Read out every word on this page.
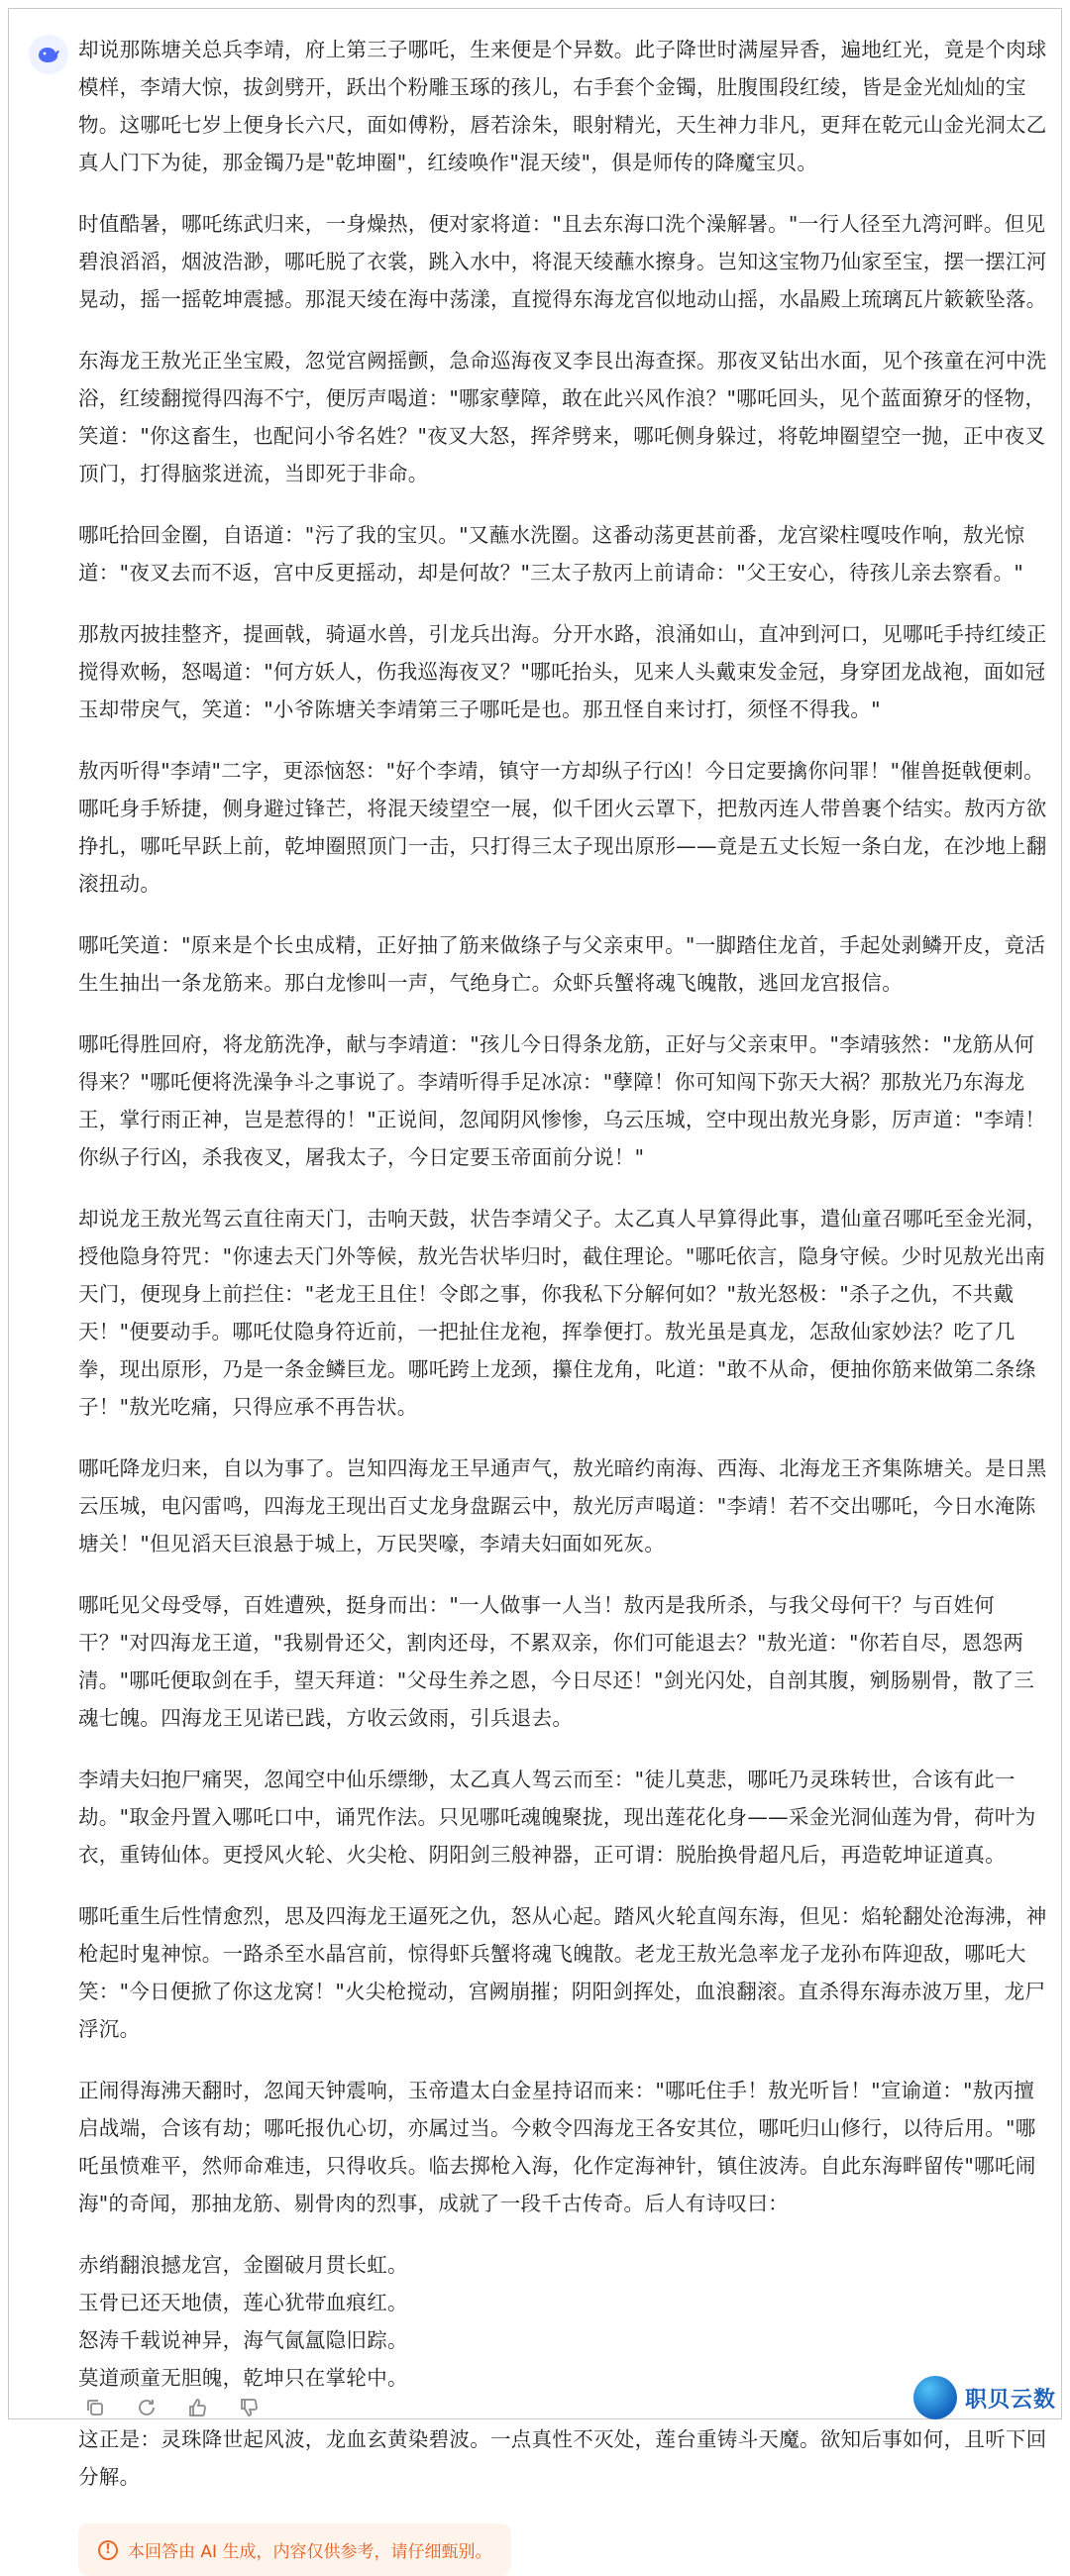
却说那陈塘关总兵李靖，府上第三子哪吒，生来便是个异数。此子降世时满屋异香，遍地红光，竟是个肉球模样，李靖大惊，拔剑劈开，跃出个粉雕玉琢的孩儿，右手套个金镯，肚腹围段红绫，皆是金光灿灿的宝物。这哪吒七岁上便身长六尺，面如傅粉，唇若涂朱，眼射精光，天生神力非凡，更拜在乾元山金光洞太乙真人门下为徒，那金镯乃是"乾坤圈"，红绫唤作"混天绫"，俱是师传的降魔宝贝。

时值酷暑，哪吒练武归来，一身燥热，便对家将道："且去东海口洗个澡解暑。"一行人径至九湾河畔。但见碧浪滔滔，烟波浩渺，哪吒脱了衣裳，跳入水中，将混天绫蘸水擦身。岂知这宝物乃仙家至宝，摆一摆江河晃动，摇一摇乾坤震撼。那混天绫在海中荡漾，直搅得东海龙宫似地动山摇，水晶殿上琉璃瓦片簌簌坠落。

东海龙王敖光正坐宝殿，忽觉宫阙摇颤，急命巡海夜叉李艮出海查探。那夜叉钻出水面，见个孩童在河中洗浴，红绫翻搅得四海不宁，便厉声喝道："哪家孽障，敢在此兴风作浪？"哪吒回头，见个蓝面獠牙的怪物，笑道："你这畜生，也配问小爷名姓？"夜叉大怒，挥斧劈来，哪吒侧身躲过，将乾坤圈望空一抛，正中夜叉顶门，打得脑浆迸流，当即死于非命。

哪吒拾回金圈，自语道："污了我的宝贝。"又蘸水洗圈。这番动荡更甚前番，龙宫梁柱嘎吱作响，敖光惊道："夜叉去而不返，宫中反更摇动，却是何故？"三太子敖丙上前请命："父王安心，待孩儿亲去察看。"

那敖丙披挂整齐，提画戟，骑逼水兽，引龙兵出海。分开水路，浪涌如山，直冲到河口，见哪吒手持红绫正搅得欢畅，怒喝道："何方妖人，伤我巡海夜叉？"哪吒抬头，见来人头戴束发金冠，身穿团龙战袍，面如冠玉却带戾气，笑道："小爷陈塘关李靖第三子哪吒是也。那丑怪自来讨打，须怪不得我。"

敖丙听得"李靖"二字，更添恼怒："好个李靖，镇守一方却纵子行凶！今日定要擒你问罪！"催兽挺戟便刺。哪吒身手矫捷，侧身避过锋芒，将混天绫望空一展，似千团火云罩下，把敖丙连人带兽裹个结实。敖丙方欲挣扎，哪吒早跃上前，乾坤圈照顶门一击，只打得三太子现出原形——竟是五丈长短一条白龙，在沙地上翻滚扭动。

哪吒笑道："原来是个长虫成精，正好抽了筋来做绦子与父亲束甲。"一脚踏住龙首，手起处剥鳞开皮，竟活生生抽出一条龙筋来。那白龙惨叫一声，气绝身亡。众虾兵蟹将魂飞魄散，逃回龙宫报信。

哪吒得胜回府，将龙筋洗净，献与李靖道："孩儿今日得条龙筋，正好与父亲束甲。"李靖骇然："龙筋从何得来？"哪吒便将洗澡争斗之事说了。李靖听得手足冰凉："孽障！你可知闯下弥天大祸？那敖光乃东海龙王，掌行雨正神，岂是惹得的！"正说间，忽闻阴风惨惨，乌云压城，空中现出敖光身影，厉声道："李靖！你纵子行凶，杀我夜叉，屠我太子，今日定要玉帝面前分说！"

却说龙王敖光驾云直往南天门，击响天鼓，状告李靖父子。太乙真人早算得此事，遣仙童召哪吒至金光洞，授他隐身符咒："你速去天门外等候，敖光告状毕归时，截住理论。"哪吒依言，隐身守候。少时见敖光出南天门，便现身上前拦住："老龙王且住！令郎之事，你我私下分解何如？"敖光怒极："杀子之仇，不共戴天！"便要动手。哪吒仗隐身符近前，一把扯住龙袍，挥拳便打。敖光虽是真龙，怎敌仙家妙法？吃了几拳，现出原形，乃是一条金鳞巨龙。哪吒跨上龙颈，攥住龙角，叱道："敢不从命，便抽你筋来做第二条绦子！"敖光吃痛，只得应承不再告状。

哪吒降龙归来，自以为事了。岂知四海龙王早通声气，敖光暗约南海、西海、北海龙王齐集陈塘关。是日黑云压城，电闪雷鸣，四海龙王现出百丈龙身盘踞云中，敖光厉声喝道："李靖！若不交出哪吒，今日水淹陈塘关！"但见滔天巨浪悬于城上，万民哭嚎，李靖夫妇面如死灰。

哪吒见父母受辱，百姓遭殃，挺身而出："一人做事一人当！敖丙是我所杀，与我父母何干？与百姓何干？"对四海龙王道，"我剔骨还父，割肉还母，不累双亲，你们可能退去？"敖光道："你若自尽，恩怨两清。"哪吒便取剑在手，望天拜道："父母生养之恩，今日尽还！"剑光闪处，自剖其腹，剜肠剔骨，散了三魂七魄。四海龙王见诺已践，方收云敛雨，引兵退去。

李靖夫妇抱尸痛哭，忽闻空中仙乐缥缈，太乙真人驾云而至："徒儿莫悲，哪吒乃灵珠转世，合该有此一劫。"取金丹置入哪吒口中，诵咒作法。只见哪吒魂魄聚拢，现出莲花化身——采金光洞仙莲为骨，荷叶为衣，重铸仙体。更授风火轮、火尖枪、阴阳剑三般神器，正可谓：脱胎换骨超凡后，再造乾坤证道真。

哪吒重生后性情愈烈，思及四海龙王逼死之仇，怒从心起。踏风火轮直闯东海，但见：焰轮翻处沧海沸，神枪起时鬼神惊。一路杀至水晶宫前，惊得虾兵蟹将魂飞魄散。老龙王敖光急率龙子龙孙布阵迎敌，哪吒大笑："今日便掀了你这龙窝！"火尖枪搅动，宫阙崩摧；阴阳剑挥处，血浪翻滚。直杀得东海赤波万里，龙尸浮沉。

正闹得海沸天翻时，忽闻天钟震响，玉帝遣太白金星持诏而来："哪吒住手！敖光听旨！"宣谕道："敖丙擅启战端，合该有劫；哪吒报仇心切，亦属过当。今敕令四海龙王各安其位，哪吒归山修行，以待后用。"哪吒虽愤难平，然师命难违，只得收兵。临去掷枪入海，化作定海神针，镇住波涛。自此东海畔留传"哪吒闹海"的奇闻，那抽龙筋、剔骨肉的烈事，成就了一段千古传奇。后人有诗叹曰：

赤绡翻浪撼龙宫，金圈破月贯长虹。
玉骨已还天地债，莲心犹带血痕红。
怒涛千载说神异，海气氤氲隐旧踪。
莫道顽童无胆魄，乾坤只在掌轮中。

这正是：灵珠降世起风波，龙血玄黄染碧波。一点真性不灭处，莲台重铸斗天魔。欲知后事如何，且听下回分解。

!	本回答由 AI 生成，内容仅供参考，请仔细甄别。
职贝云数
